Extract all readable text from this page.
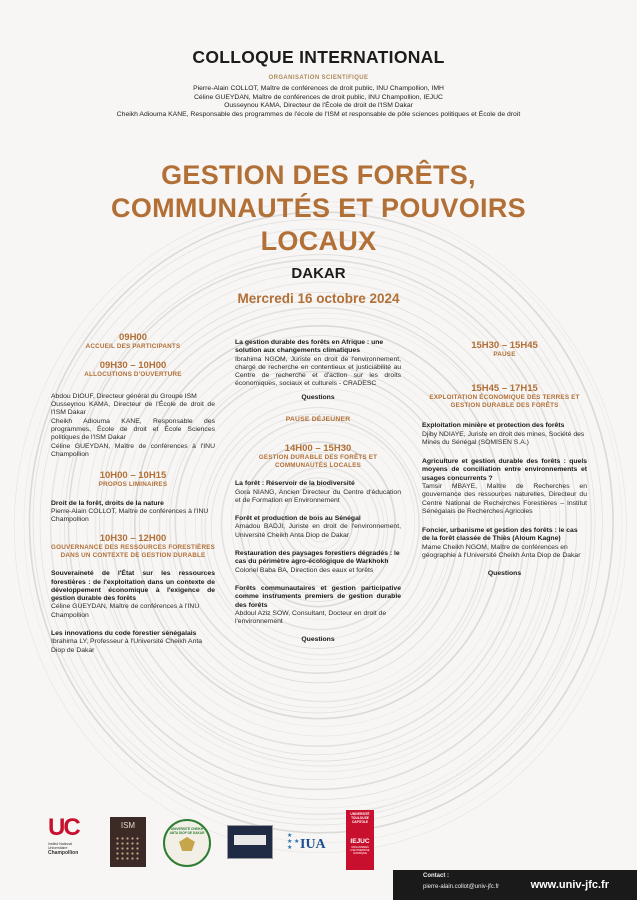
COLLOQUE INTERNATIONAL
ORGANISATION SCIENTIFIQUE
Pierre-Alain COLLOT, Maître de conférences de droit public, INU Champollion, IMH
Céline GUEYDAN, Maître de conférences de droit public, INU Champollion, IEJUC
Ousseynou KAMA, Directeur de l'École de droit de l'ISM Dakar
Cheikh Adiouma KANE, Responsable des programmes de l'école de l'ISM et responsable de pôle sciences politiques et École de droit
GESTION DES FORÊTS,
COMMUNAUTÉS ET POUVOIRS
LOCAUX
DAKAR
Mercredi 16 octobre 2024
09H00
ACCUEIL DES PARTICIPANTS
09H30 – 10H00
ALLOCUTIONS D'OUVERTURE
Abdou DIOUF, Directeur général du Groupe ISM
Ousseynou KAMA, Directeur de l'École de droit de l'ISM Dakar
Cheikh Adiouma KANE, Responsable des programmes, École de droit et École Sciences politiques de l'ISM Dakar
Céline GUEYDAN, Maître de conférences à l'INU Champollion
10H00 – 10H15
PROPOS LIMINAIRES
Droit de la forêt, droits de la nature
Pierre-Alain COLLOT, Maître de conférences à l'INU Champollion
10H30 – 12H00
GOUVERNANCE DES RESSOURCES FORESTIÈRES DANS UN CONTEXTE DE GESTION DURABLE
Souveraineté de l'État sur les ressources forestières : de l'exploitation dans un contexte de développement économique à l'exigence de gestion durable des forêts
Céline GUEYDAN, Maître de conférences à l'INU Champollion
Les innovations du code forestier sénégalais
Ibrahima LY, Professeur à l'Université Cheikh Anta Diop de Dakar
La gestion durable des forêts en Afrique : une solution aux changements climatiques
Ibrahima NGOM, Juriste en droit de l'environnement, chargé de recherche en contentieux et justiciabilité au Centre de recherche et d'action sur les droits économiques, sociaux et culturels - CRADESC
Questions
PAUSE DÉJEUNER
14H00 – 15H30
GESTION DURABLE DES FORÊTS ET COMMUNAUTÉS LOCALES
La forêt : Réservoir de la biodiversité
Gora NIANG, Ancien Directeur du Centre d'éducation et de Formation en Environnement
Forêt et production de bois au Sénégal
Amadou BADJI, Juriste en droit de l'environnement, Université Cheikh Anta Diop de Dakar
Restauration des paysages forestiers dégradés : le cas du périmètre agro-écologique de Warkhokh
Colonel Baba BA, Direction des eaux et forêts
Forêts communautaires et gestion participative comme instruments premiers de gestion durable des forêts
Abdoul Aziz SOW, Consultant, Docteur en droit de l'environnement
Questions
15H30 – 15H45
PAUSE
15H45 – 17H15
EXPLOITATION ÉCONOMIQUE DES TERRES ET GESTION DURABLE DES FORÊTS
Exploitation minière et protection des forêts
Djiby NDIAYE, Juriste en droit des mines, Société des Mines du Sénégal (SOMISEN S.A.)
Agriculture et gestion durable des forêts : quels moyens de conciliation entre environnements et usages concurrents ?
Tamsir MBAYE, Maître de Recherches en gouvernance des ressources naturelles, Directeur du Centre National de Recherches Forestières – Institut Sénégalais de Recherches Agricoles
Foncier, urbanisme et gestion des forêts : le cas de la forêt classée de Thiès (Aloum Kagne)
Mame Cheikh NGOM, Maître de conférences en géographie à l'Université Cheikh Anta Diop de Dakar
Questions
UC
Institut National Universitaire
Champollion
ISM	UNIVERSITÉ CHEIKH ANTA DIOP DE DAKAR	★
★ ★
★ IUA
UNIVERSITÉ TOULOUSE CAPITOLE
IEJUC
ORGANISMES D'ENTREPRISE JURIDIQUE
Contact :
pierre-alain.collot@univ-jfc.fr	www.univ-jfc.fr
